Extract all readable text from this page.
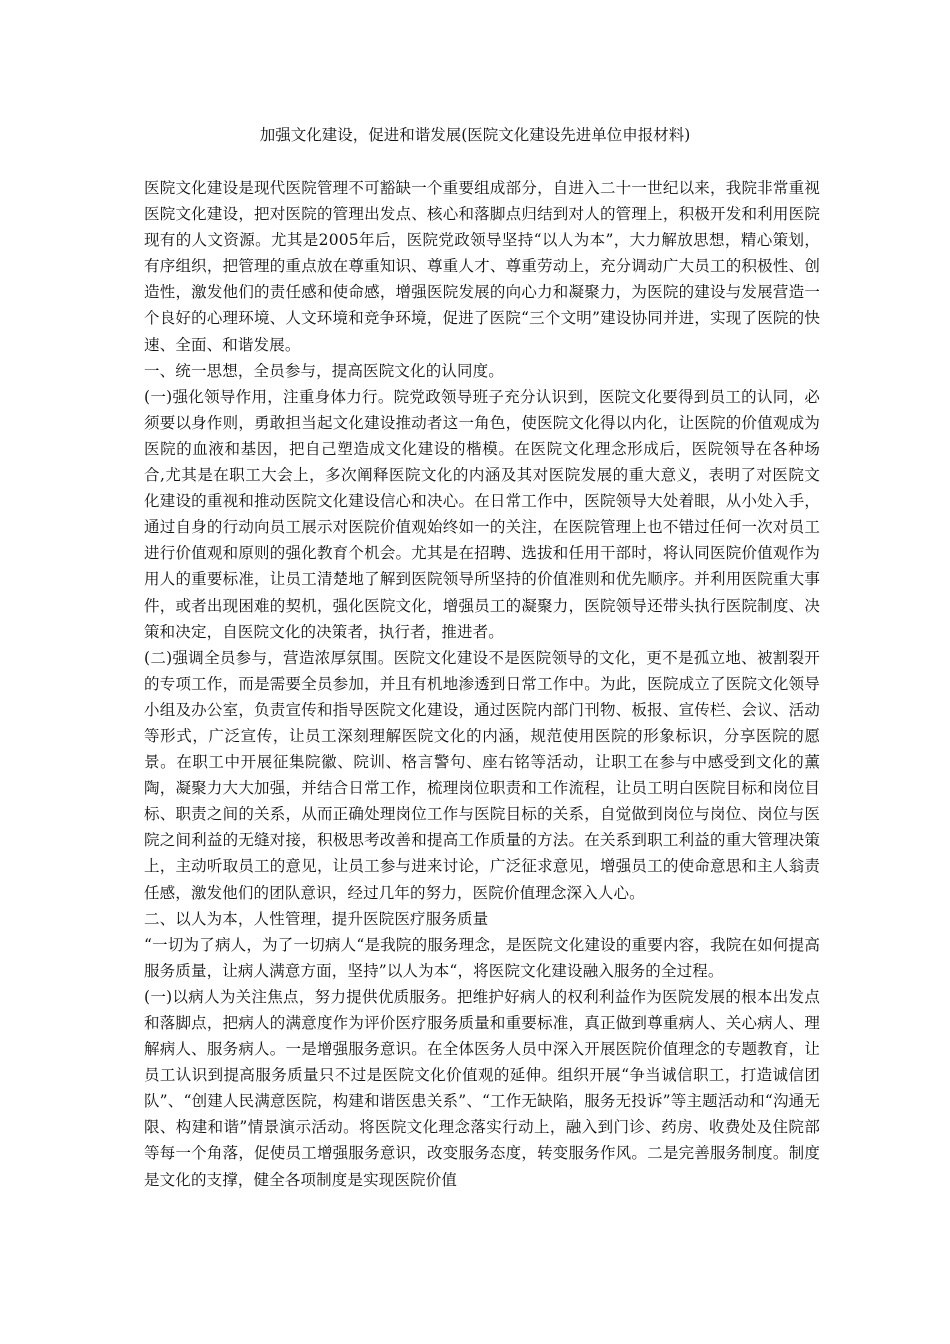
加强文化建设，促进和谐发展(医院文化建设先进单位申报材料)

医院文化建设是现代医院管理不可豁缺一个重要组成部分，自进入二十一世纪以来，我院非常重视医院文化建设，把对医院的管理出发点、核心和落脚点归结到对人的管理上，积极开发和利用医院现有的人文资源。尤其是2005年后，医院党政领导坚持“以人为本”，大力解放思想，精心策划，有序组织，把管理的重点放在尊重知识、尊重人才、尊重劳动上，充分调动广大员工的积极性、创造性，激发他们的责任感和使命感，增强医院发展的向心力和凝聚力，为医院的建设与发展营造一个良好的心理环境、人文环境和竞争环境，促进了医院“三个文明”建设协同并进，实现了医院的快速、全面、和谐发展。

一、统一思想，全员参与，提高医院文化的认同度。

(一)强化领导作用，注重身体力行。院党政领导班子充分认识到，医院文化要得到员工的认同，必须要以身作则，勇敢担当起文化建设推动者这一角色，使医院文化得以内化，让医院的价值观成为医院的血液和基因，把自己塑造成文化建设的楷模。在医院文化理念形成后，医院领导在各种场合,尤其是在职工大会上，多次阐释医院文化的内涵及其对医院发展的重大意义，表明了对医院文化建设的重视和推动医院文化建设信心和决心。在日常工作中，医院领导大处着眼，从小处入手，通过自身的行动向员工展示对医院价值观始终如一的关注，在医院管理上也不错过任何一次对员工进行价值观和原则的强化教育个机会。尤其是在招聘、选拔和任用干部时，将认同医院价值观作为用人的重要标准，让员工清楚地了解到医院领导所坚持的价值准则和优先顺序。并利用医院重大事件，或者出现困难的契机，强化医院文化，增强员工的凝聚力，医院领导还带头执行医院制度、决策和决定，自医院文化的决策者，执行者，推进者。

(二)强调全员参与，营造浓厚氛围。医院文化建设不是医院领导的文化，更不是孤立地、被割裂开的专项工作，而是需要全员参加，并且有机地渗透到日常工作中。为此，医院成立了医院文化领导小组及办公室，负责宣传和指导医院文化建设，通过医院内部门刊物、板报、宣传栏、会议、活动等形式，广泛宣传，让员工深刻理解医院文化的内涵，规范使用医院的形象标识，分享医院的愿景。在职工中开展征集院徽、院训、格言警句、座右铭等活动，让职工在参与中感受到文化的薰陶，凝聚力大大加强，并结合日常工作，梳理岗位职责和工作流程，让员工明白医院目标和岗位目标、职责之间的关系，从而正确处理岗位工作与医院目标的关系，自觉做到岗位与岗位、岗位与医院之间利益的无缝对接，积极思考改善和提高工作质量的方法。在关系到职工利益的重大管理决策上，主动听取员工的意见，让员工参与进来讨论，广泛征求意见，增强员工的使命意思和主人翁责任感，激发他们的团队意识，经过几年的努力，医院价值理念深入人心。

二、以人为本，人性管理，提升医院医疗服务质量

“一切为了病人，为了一切病人“是我院的服务理念，是医院文化建设的重要内容，我院在如何提高服务质量，让病人满意方面，坚持”以人为本“，将医院文化建设融入服务的全过程。

(一)以病人为关注焦点，努力提供优质服务。把维护好病人的权利利益作为医院发展的根本出发点和落脚点，把病人的满意度作为评价医疗服务质量和重要标准，真正做到尊重病人、关心病人、理解病人、服务病人。一是增强服务意识。在全体医务人员中深入开展医院价值理念的专题教育，让员工认识到提高服务质量只不过是医院文化价值观的延伸。组织开展“争当诚信职工，打造诚信团队”、“创建人民满意医院，构建和谐医患关系”、“工作无缺陷，服务无投诉”等主题活动和“沟通无限、构建和谐”情景演示活动。将医院文化理念落实行动上，融入到门诊、药房、收费处及住院部等每一个角落，促使员工增强服务意识，改变服务态度，转变服务作风。二是完善服务制度。制度是文化的支撑，健全各项制度是实现医院价值
